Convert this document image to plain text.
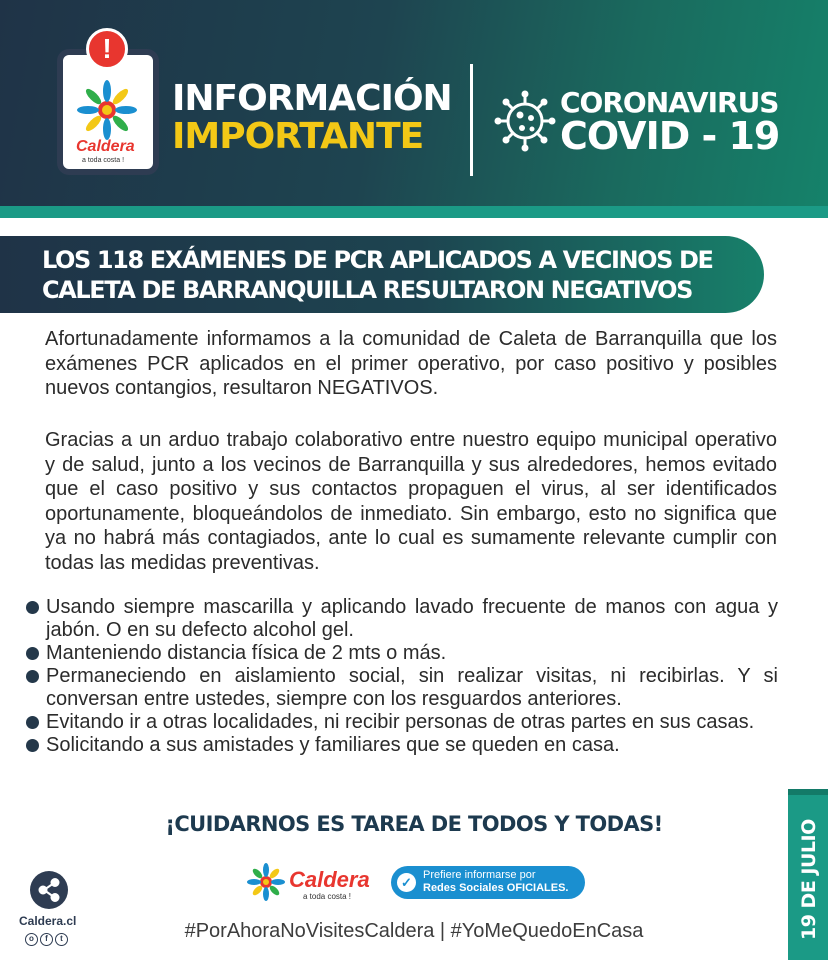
!
Caldera
a toda costa !
INFORMACIÓN
IMPORTANTE
CORONAVIRUS
COVID - 19
LOS 118 EXÁMENES DE PCR APLICADOS A VECINOS DE
CALETA DE BARRANQUILLA RESULTARON NEGATIVOS

Afortunadamente informamos a la comunidad de Caleta de Barranquilla que los exámenes PCR aplicados en el primer operativo, por caso positivo y posibles nuevos contangios, resultaron NEGATIVOS.

Gracias a un arduo trabajo colaborativo entre nuestro equipo municipal operativo y de salud, junto a los vecinos de Barranquilla y sus alrededores, hemos evitado que el caso positivo y sus contactos propaguen el virus, al ser identificados oportunamente, bloqueándolos de inmediato. Sin embargo, esto no significa que ya no habrá más contagiados, ante lo cual es sumamente relevante cumplir con todas las medidas preventivas.

Usando siempre mascarilla y aplicando lavado frecuente de manos con agua y jabón. O en su defecto alcohol gel.
Manteniendo distancia física de 2 mts o más.
Permaneciendo en aislamiento social, sin realizar visitas, ni recibirlas. Y si conversan entre ustedes, siempre con los resguardos anteriores.
Evitando ir a otras localidades, ni recibir personas de otras partes en sus casas.
Solicitando a sus amistades y familiares que se queden en casa.
¡CUIDARNOS ES TAREA DE TODOS Y TODAS!
Caldera.cl
o	f	t
Caldera
a toda costa !
✓	Prefiere informarse por
Redes Sociales OFICIALES.
#PorAhoraNoVisitesCaldera | #YoMeQuedoEnCasa	19 DE JULIO
